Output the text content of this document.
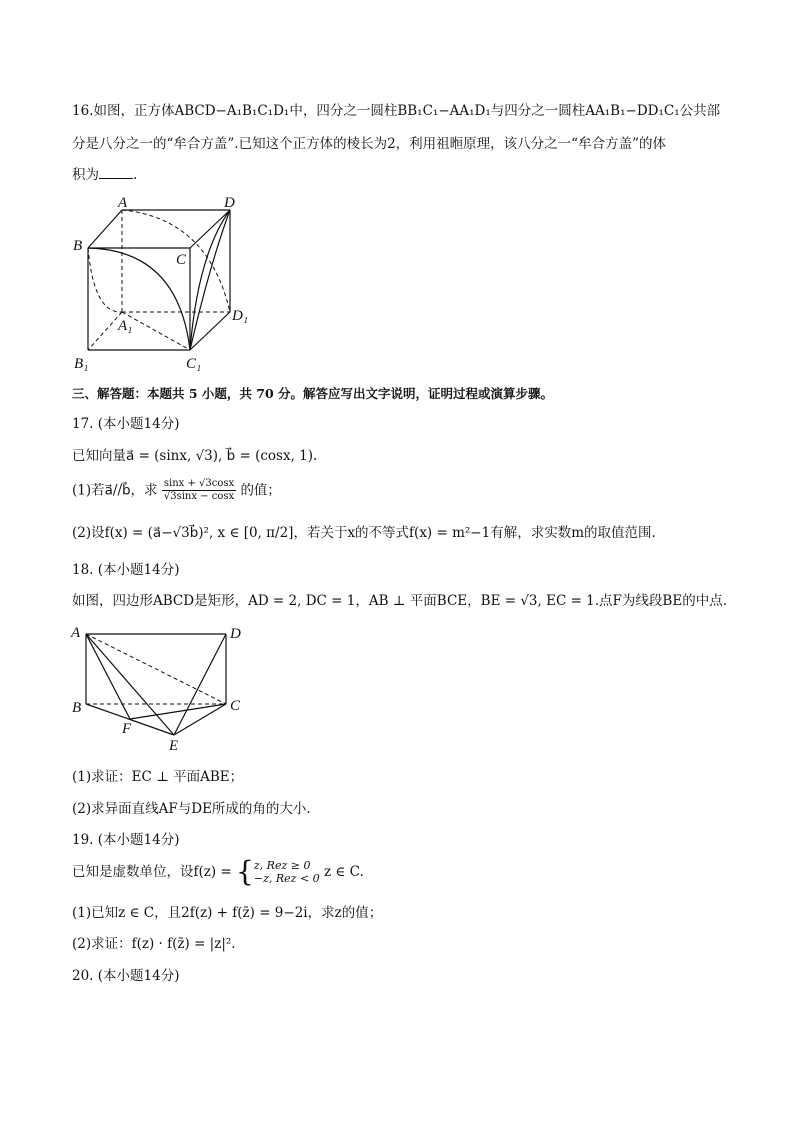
16.如图，正方体ABCD−A₁B₁C₁D₁中，四分之一圆柱BB₁C₁−AA₁D₁与四分之一圆柱AA₁B₁−DD₁C₁公共部
分是八分之一的“牟合方盖”.已知这个正方体的棱长为2，利用祖暅原理，该八分之一“牟合方盖”的体
积为	.
A	D
B
C
A₁
D₁
B₁	C₁
三、解答题：本题共 5 小题，共 70 分。解答应写出文字说明，证明过程或演算步骤。
17. (本小题14分)
已知向量a⃗ = (sinx, √3), b⃗ = (cosx, 1).
(1)若a⃗//b⃗，求 $\frac{\sin x + √3\cos x}{√3\sin x - \cos x}$ 的值；
(2)设f(x) = (a⃗−√3b⃗)², x ∈ [0, π/2]，若关于x的不等式f(x) = m²−1有解，求实数m的取值范围.
18. (本小题14分)
如图，四边形ABCD是矩形，AD = 2, DC = 1，AB ⊥ 平面BCE，BE = √3, EC = 1.点F为线段BE的中点.
A	D
B	C
F
E
(1)求证：EC ⊥ 平面ABE；
(2)求异面直线AF与DE所成的角的大小.
19. (本小题14分)
已知是虚数单位，设f(z) = { z, Rez ≥ 0
−z, Rez < 0 z ∈ C.
(1)已知z ∈ C，且2f(z) + f(z̄) = 9−2i，求z的值；
(2)求证：f(z) · f(z̄) = |z|².
20. (本小题14分)
